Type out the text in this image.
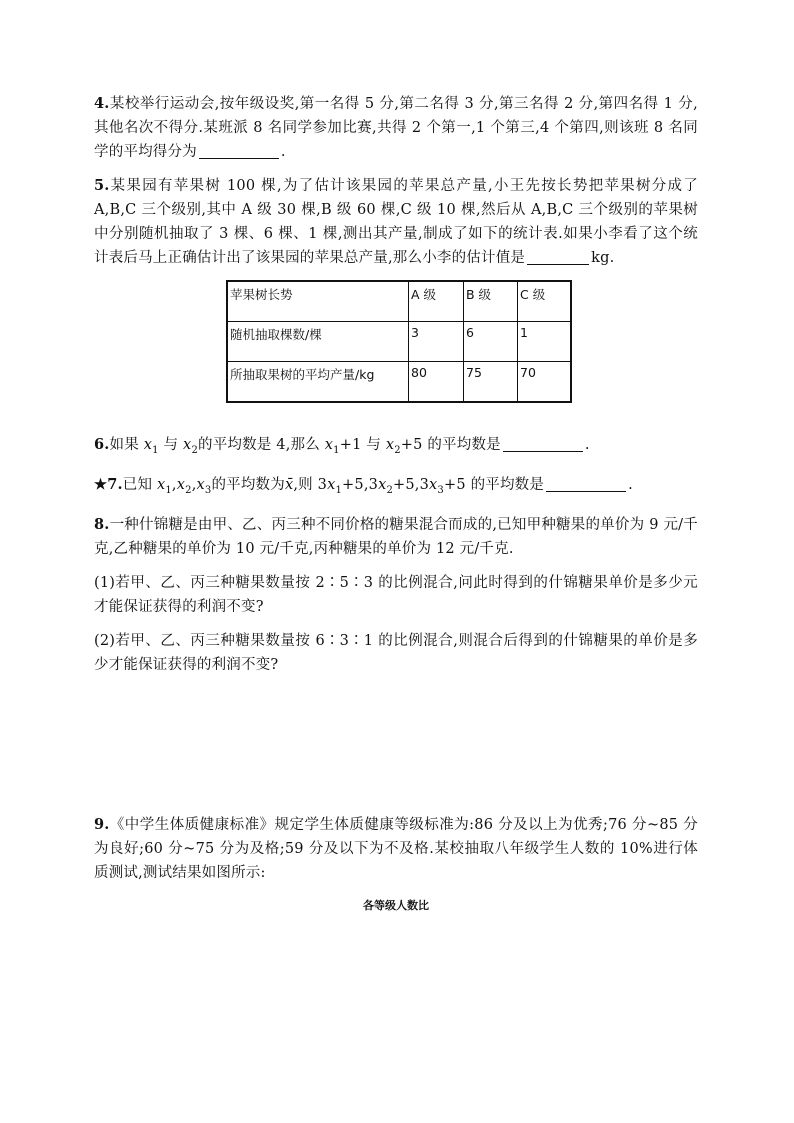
4.某校举行运动会,按年级设奖,第一名得 5 分,第二名得 3 分,第三名得 2 分,第四名得 1 分,其他名次不得分.某班派 8 名同学参加比赛,共得 2 个第一,1 个第三,4 个第四,则该班 8 名同学的平均得分为	.

5.某果园有苹果树 100 棵,为了估计该果园的苹果总产量,小王先按长势把苹果树分成了 A,B,C 三个级别,其中 A 级 30 棵,B 级 60 棵,C 级 10 棵,然后从 A,B,C 三个级别的苹果树中分别随机抽取了 3 棵、6 棵、1 棵,测出其产量,制成了如下的统计表.如果小李看了这个统计表后马上正确估计出了该果园的苹果总产量,那么小李的估计值是	kg.

苹果树长势	A 级	B 级	C 级
随机抽取棵数/棵	3	6	1
所抽取果树的平均产量/kg	80	75	70

6.如果 $x_1$ 与 $x_2$的平均数是 4,那么 $x_1+1$ 与 $x_2+5$ 的平均数是	.

★7.已知 $x_1,x_2,x_3$的平均数为x̄,则 $3x_1+5,3x_2+5,3x_3+5$ 的平均数是	.

8.一种什锦糖是由甲、乙、丙三种不同价格的糖果混合而成的,已知甲种糖果的单价为 9 元/千克,乙种糖果的单价为 10 元/千克,丙种糖果的单价为 12 元/千克.

(1)若甲、乙、丙三种糖果数量按 2∶5∶3 的比例混合,问此时得到的什锦糖果单价是多少元才能保证获得的利润不变?

(2)若甲、乙、丙三种糖果数量按 6∶3∶1 的比例混合,则混合后得到的什锦糖果的单价是多少才能保证获得的利润不变?

9.《中学生体质健康标准》规定学生体质健康等级标准为:86 分及以上为优秀;76 分~85 分为良好;60 分~75 分为及格;59 分及以下为不及格.某校抽取八年级学生人数的 10%进行体质测试,测试结果如图所示:

各等级人数比
